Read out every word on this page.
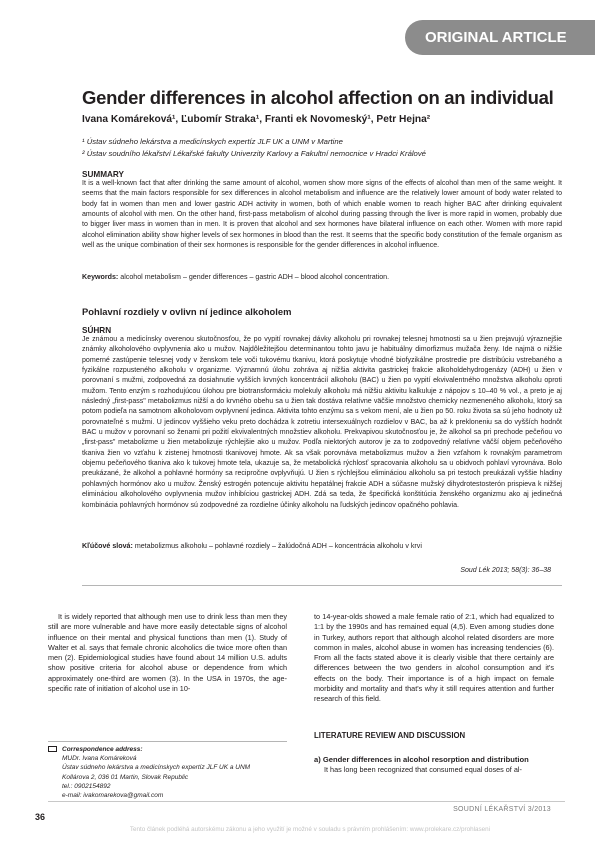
ORIGINAL ARTICLE
Gender differences in alcohol affection on an individual
Ivana Komáreková¹, Ľubomír Straka¹, Franti ek Novomeský¹, Petr Hejna²
¹ Ústav súdneho lekárstva a medicínskych expertíz JLF UK a UNM v Martine
² Ústav soudního lékařství Lékařské fakulty Univerzity Karlovy a Fakultní nemocnice v Hradci Králové
SUMMARY

It is a well-known fact that after drinking the same amount of alcohol, women show more signs of the effects of alcohol than men of the same weight. It seems that the main factors responsible for sex differences in alcohol metabolism and influence are the relatively lower amount of body water related to body fat in women than men and lower gastric ADH activity in women, both of which enable women to reach higher BAC after drinking equivalent amounts of alcohol with men. On the other hand, first-pass metabolism of alcohol during passing through the liver is more rapid in women, probably due to bigger liver mass in women than in men. It is proven that alcohol and sex hormones have bilateral influence on each other. Women with more rapid alcohol elimination ability show higher levels of sex hormones in blood than the rest. It seems that the specific body constitution of the female organism as well as the unique combination of their sex hormones is responsible for the gender differences in alcohol influence.

Keywords: alcohol metabolism – gender differences – gastric ADH – blood alcohol concentration.
Pohlavní rozdiely v ovlivn ní jedince alkoholem
SÚHRN

Je známou a medicínsky overenou skutočnosťou, že po vypití rovnakej dávky alkoholu pri rovnakej telesnej hmotnosti sa u žien prejavujú výraznejšie známky alkoholového ovplyvnenia ako u mužov. Najdôležitejšou determinantou tohto javu je habituálny dimorfizmus mužača ženy. Ide najmä o nižšie pomerné zastúpenie telesnej vody v ženskom tele voči tukovému tkanivu, ktorá poskytuje vhodné biofyzikálne prostredie pre distribúciu vstrebaného a fyzikálne rozpusteného alkoholu v organizme. Významnú úlohu zohráva aj nižšia aktivita gastrickej frakcie alkoholdehydrogenázy (ADH) u žien v porovnaní s mužmi, zodpovedná za dosiahnutie vyšších krvných koncentrácií alkoholu (BAC) u žien po vypití ekvivalentného množstva alkoholu oproti mužom. Tento enzým s rozhodujúcou úlohou pre biotransformáciu molekuly alkoholu má nižšiu aktivitu kalkuluje z nápojov s 10–40 % vol., a preto je aj následný „first-pass" metabolizmus nižší a do krvného obehu sa u žien tak dostáva relatívne väčšie množstvo chemicky nezmeneného alkoholu, ktorý sa potom podieľa na samotnom alkoholovom ovplyvnení jedinca. Aktivita tohto enzýmu sa s vekom mení, ale u žien po 50. roku života sa sú jeho hodnoty už porovnateľné s mužmi. U jedincov vyššieho veku preto dochádza k zotretiu intersexuálnych rozdielov v BAC, ba až k prekloneniu sa do vyšších hodnôt BAC u mužov v porovnaní so ženami pri požití ekvivalentných množstiev alkoholu. Prekvapivou skutočnosťou je, že alkohol sa pri prechode pečeňou vo „first-pass" metabolizme u žien metabolizuje rýchlejšie ako u mužov. Podľa niektorých autorov je za to zodpovedný relatívne väčší objem pečeňového tkaniva žien vo vzťahu k zistenej hmotnosti tkanivovej hmote. Ak sa však porovnáva metabolizmus mužov a žien vzťahom k rovnakým parametrom objemu pečeňového tkaniva ako k tukovej hmote tela, ukazuje sa, že metabolická rýchlosť spracovania alkoholu sa u obidvoch pohlaví vyrovnáva. Bolo preukázané, že alkohol a pohlavné hormóny sa recipročne ovplyvňujú. U žien s rýchlejšou elimináciou alkoholu sa pri testoch preukázali vyššie hladiny pohlavných hormónov ako u mužov. Ženský estrogén potencuje aktivitu hepatálnej frakcie ADH a súčasne mužský dihydrotestosterón prispieva k nižšej elimináciou alkoholového ovplyvnenia mužov inhibíciou gastrickej ADH. Zdá sa teda, že špecifická konštitúcia ženského organizmu ako aj jedinečná kombinácia pohlavných hormónov sú zodpovedné za rozdielne účinky alkoholu na ľudských jedincov opačného pohlavia.

Kľúčové slová: metabolizmus alkoholu – pohlavné rozdiely – žalúdočná ADH – koncentrácia alkoholu v krvi
Soud Lék 2013; 58(3): 36–38

It is widely reported that although men use to drink less than men they still are more vulnerable and have more easily detectable signs of alcohol influence on their mental and physical functions than men (1). Study of Walter et al. says that female chronic alcoholics die twice more often than men (2). Epidemiological studies have found about 14 million U.S. adults show positive criteria for alcohol abuse or dependence from which approximately one-third are women (3). In the USA in 1970s, the age-specific rate of initiation of alcohol use in 10-

to 14-year-olds showed a male female ratio of 2:1, which had equalized to 1:1 by the 1990s and has remained equal (4,5). Even among studies done in Turkey, authors report that although alcohol related disorders are more common in males, alcohol abuse in women has increasing tendencies (6). From all the facts stated above it is clearly visible that there certainly are differences between the two genders in alcohol consumption and it's effects on the body. Their importance is of a high impact on female morbidity and mortality and that's why it still requires attention and further research of this field.

LITERATURE REVIEW AND DISCUSSION
a) Gender differences in alcohol resorption and distribution

It has long been recognized that consumed equal doses of al-

Correspondence address:
MUDr. Ivana Komáreková
Ústav súdneho lekárstva a medicínskych expertíz JLF UK a UNM
Kollárova 2, 036 01 Martin, Slovak Republic
tel.: 0902154892
e-mail: ivakomarekova@gmail.com
36
SOUDNÍ LÉKAŘSTVÍ 3/2013
Tento článek podléhá autorskému zákonu a jeho využití je možné v souladu s právním prohlášením: www.prolekare.cz/prohlaseni
